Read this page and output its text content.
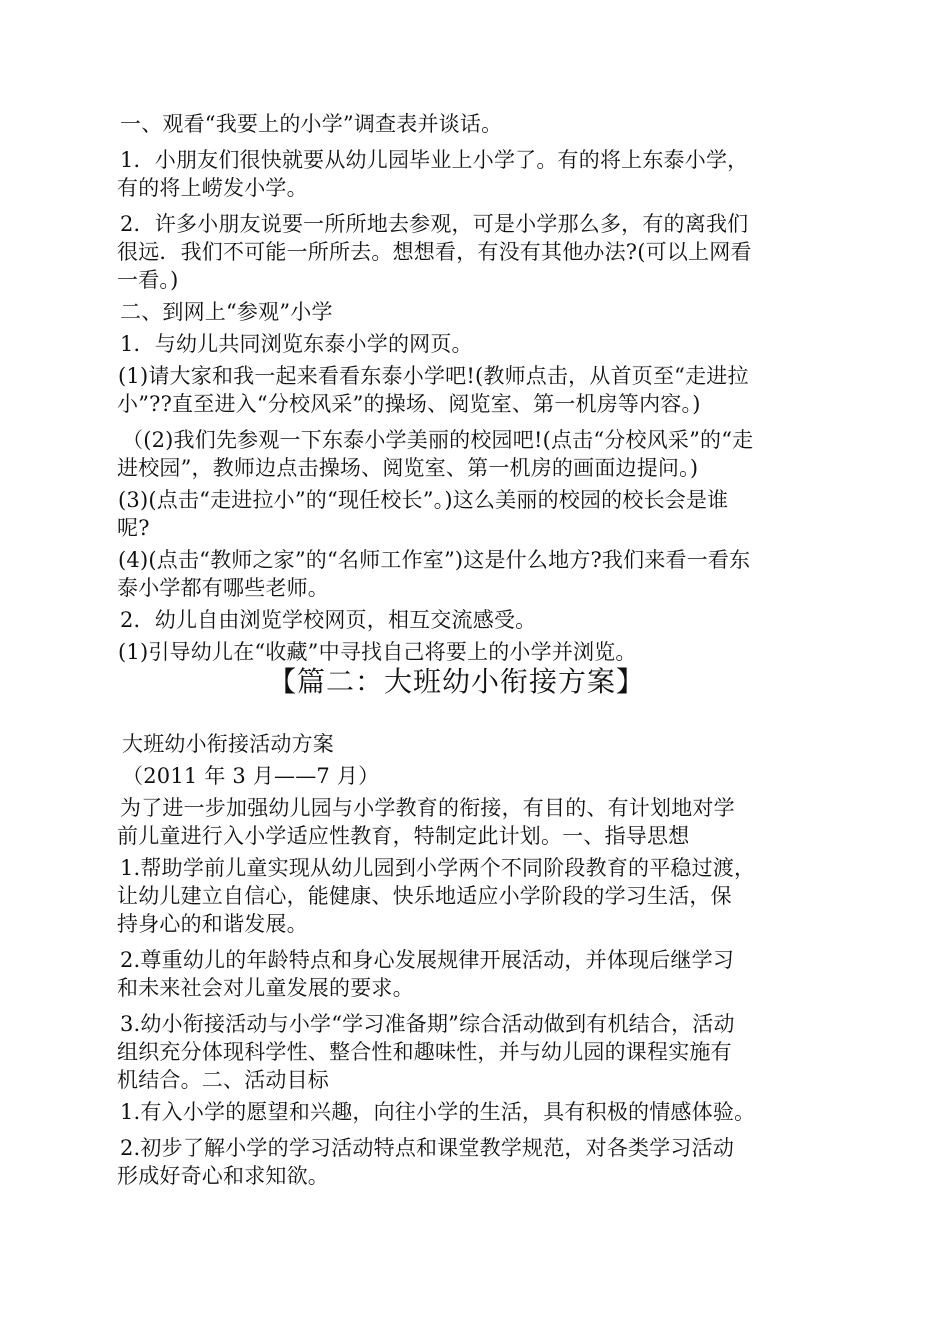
一、观看“我要上的小学”调查表并谈话。
1．小朋友们很快就要从幼儿园毕业上小学了。有的将上东泰小学，
有的将上崂发小学。
2．许多小朋友说要一所所地去参观，可是小学那么多，有的离我们
很远．我们不可能一所所去。想想看，有没有其他办法?(可以上网看
一看。)
二、到网上“参观”小学
1．与幼儿共同浏览东泰小学的网页。
(1)请大家和我一起来看看东泰小学吧!(教师点击，从首页至“走进拉
小”??直至进入“分校风采”的操场、阅览室、第一机房等内容。)
（(2)我们先参观一下东泰小学美丽的校园吧!(点击“分校风采”的“走
进校园”，教师边点击操场、阅览室、第一机房的画面边提问。)
(3)(点击“走进拉小”的“现任校长”。)这么美丽的校园的校长会是谁
呢?
(4)(点击“教师之家”的“名师工作室”)这是什么地方?我们来看一看东
泰小学都有哪些老师。
2．幼儿自由浏览学校网页，相互交流感受。
(1)引导幼儿在“收藏”中寻找自己将要上的小学并浏览。
【篇二：大班幼小衔接方案】
大班幼小衔接活动方案
（2011 年 3 月——7 月）
为了进一步加强幼儿园与小学教育的衔接，有目的、有计划地对学
前儿童进行入小学适应性教育，特制定此计划。一、指导思想
1.帮助学前儿童实现从幼儿园到小学两个不同阶段教育的平稳过渡，
让幼儿建立自信心，能健康、快乐地适应小学阶段的学习生活，保
持身心的和谐发展。
2.尊重幼儿的年龄特点和身心发展规律开展活动，并体现后继学习
和未来社会对儿童发展的要求。
3.幼小衔接活动与小学“学习准备期”综合活动做到有机结合，活动
组织充分体现科学性、整合性和趣味性，并与幼儿园的课程实施有
机结合。二、活动目标
1.有入小学的愿望和兴趣，向往小学的生活，具有积极的情感体验。
2.初步了解小学的学习活动特点和课堂教学规范，对各类学习活动
形成好奇心和求知欲。
